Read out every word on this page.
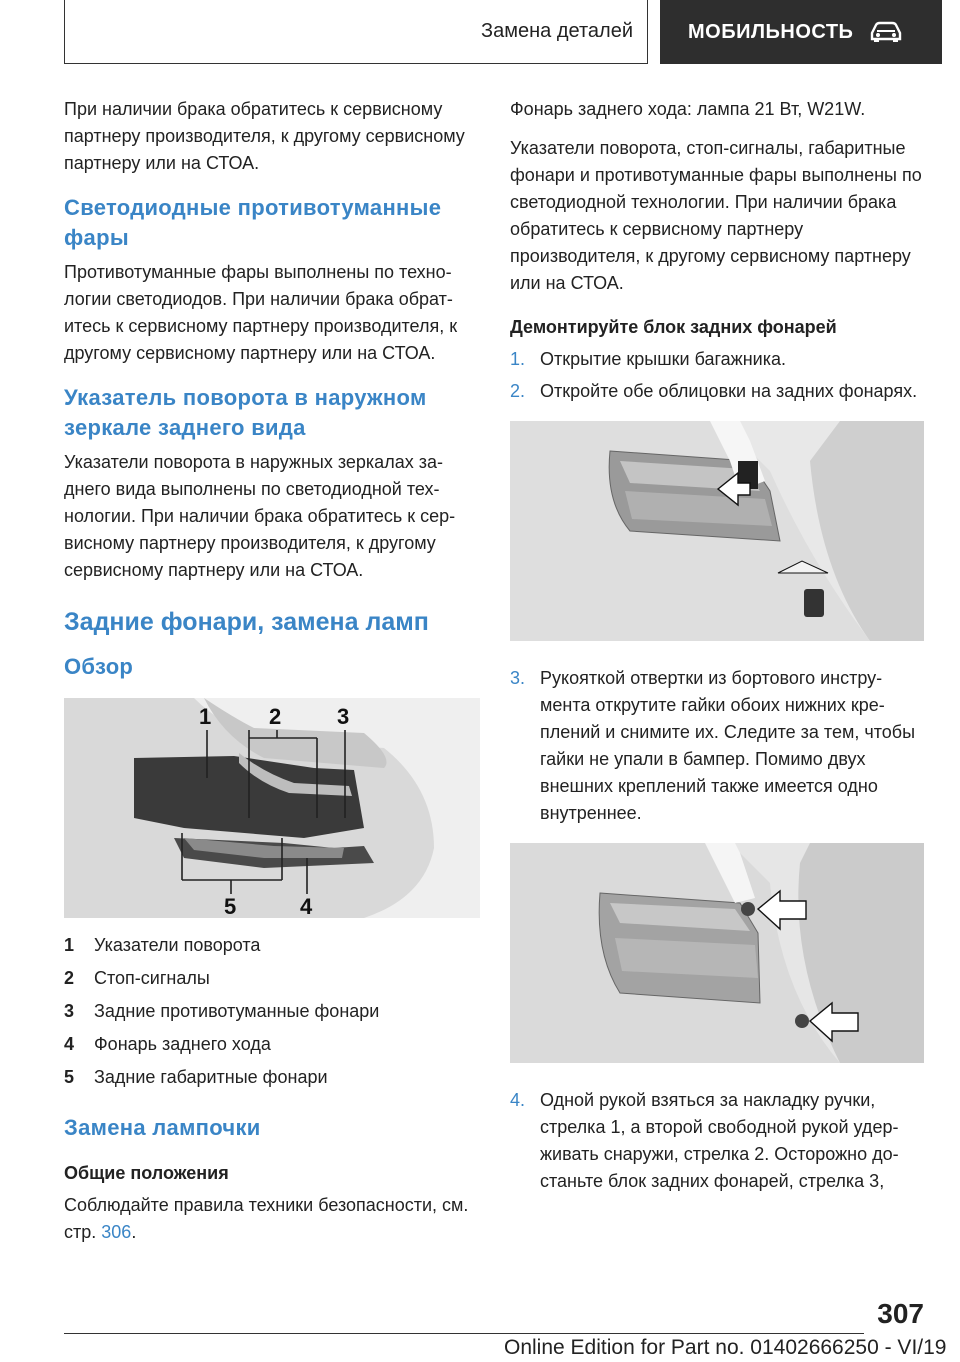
Замена деталей	МОБИЛЬНОСТЬ

При наличии брака обратитесь к сервисному партнеру производителя, к другому сервисному партнеру или на СТОА.

Светодиодные противотуманные фары

Противотуманные фары выполнены по технологии светодиодов. При наличии брака обратитесь к сервисному партнеру производителя, к другому сервисному партнеру или на СТОА.

Указатель поворота в наружном зеркале заднего вида

Указатели поворота в наружных зеркалах заднего вида выполнены по светодиодной технологии. При наличии брака обратитесь к сервисному партнеру производителя, к другому сервисному партнеру или на СТОА.

Задние фонари, замена ламп
Обзор
1	2	3
4
5
1	Указатели поворота
2	Стоп-сигналы
3	Задние противотуманные фонари
4	Фонарь заднего хода
5	Задние габаритные фонари
Замена лампочки
Общие положения

Соблюдайте правила техники безопасности, см. стр. 306.

Фонарь заднего хода: лампа 21 Вт, W21W.

Указатели поворота, стоп-сигналы, габаритные фонари и противотуманные фары выполнены по светодиодной технологии. При наличии брака обратитесь к сервисному партнеру производителя, к другому сервисному партнеру или на СТОА.

Демонтируйте блок задних фонарей
1. Открытие крышки багажника.
2. Откройте обе облицовки на задних фонарях.
3. Рукояткой отвертки из бортового инструмента открутите гайки обоих нижних креплений и снимите их. Следите за тем, чтобы гайки не упали в бампер. Помимо двух внешних креплений также имеется одно внутреннее.
4. Одной рукой взяться за накладку ручки, стрелка 1, а второй свободной рукой удерживать снаружи, стрелка 2. Осторожно достаньте блок задних фонарей, стрелка 3,
307
Online Edition for Part no. 01402666250 - VI/19
